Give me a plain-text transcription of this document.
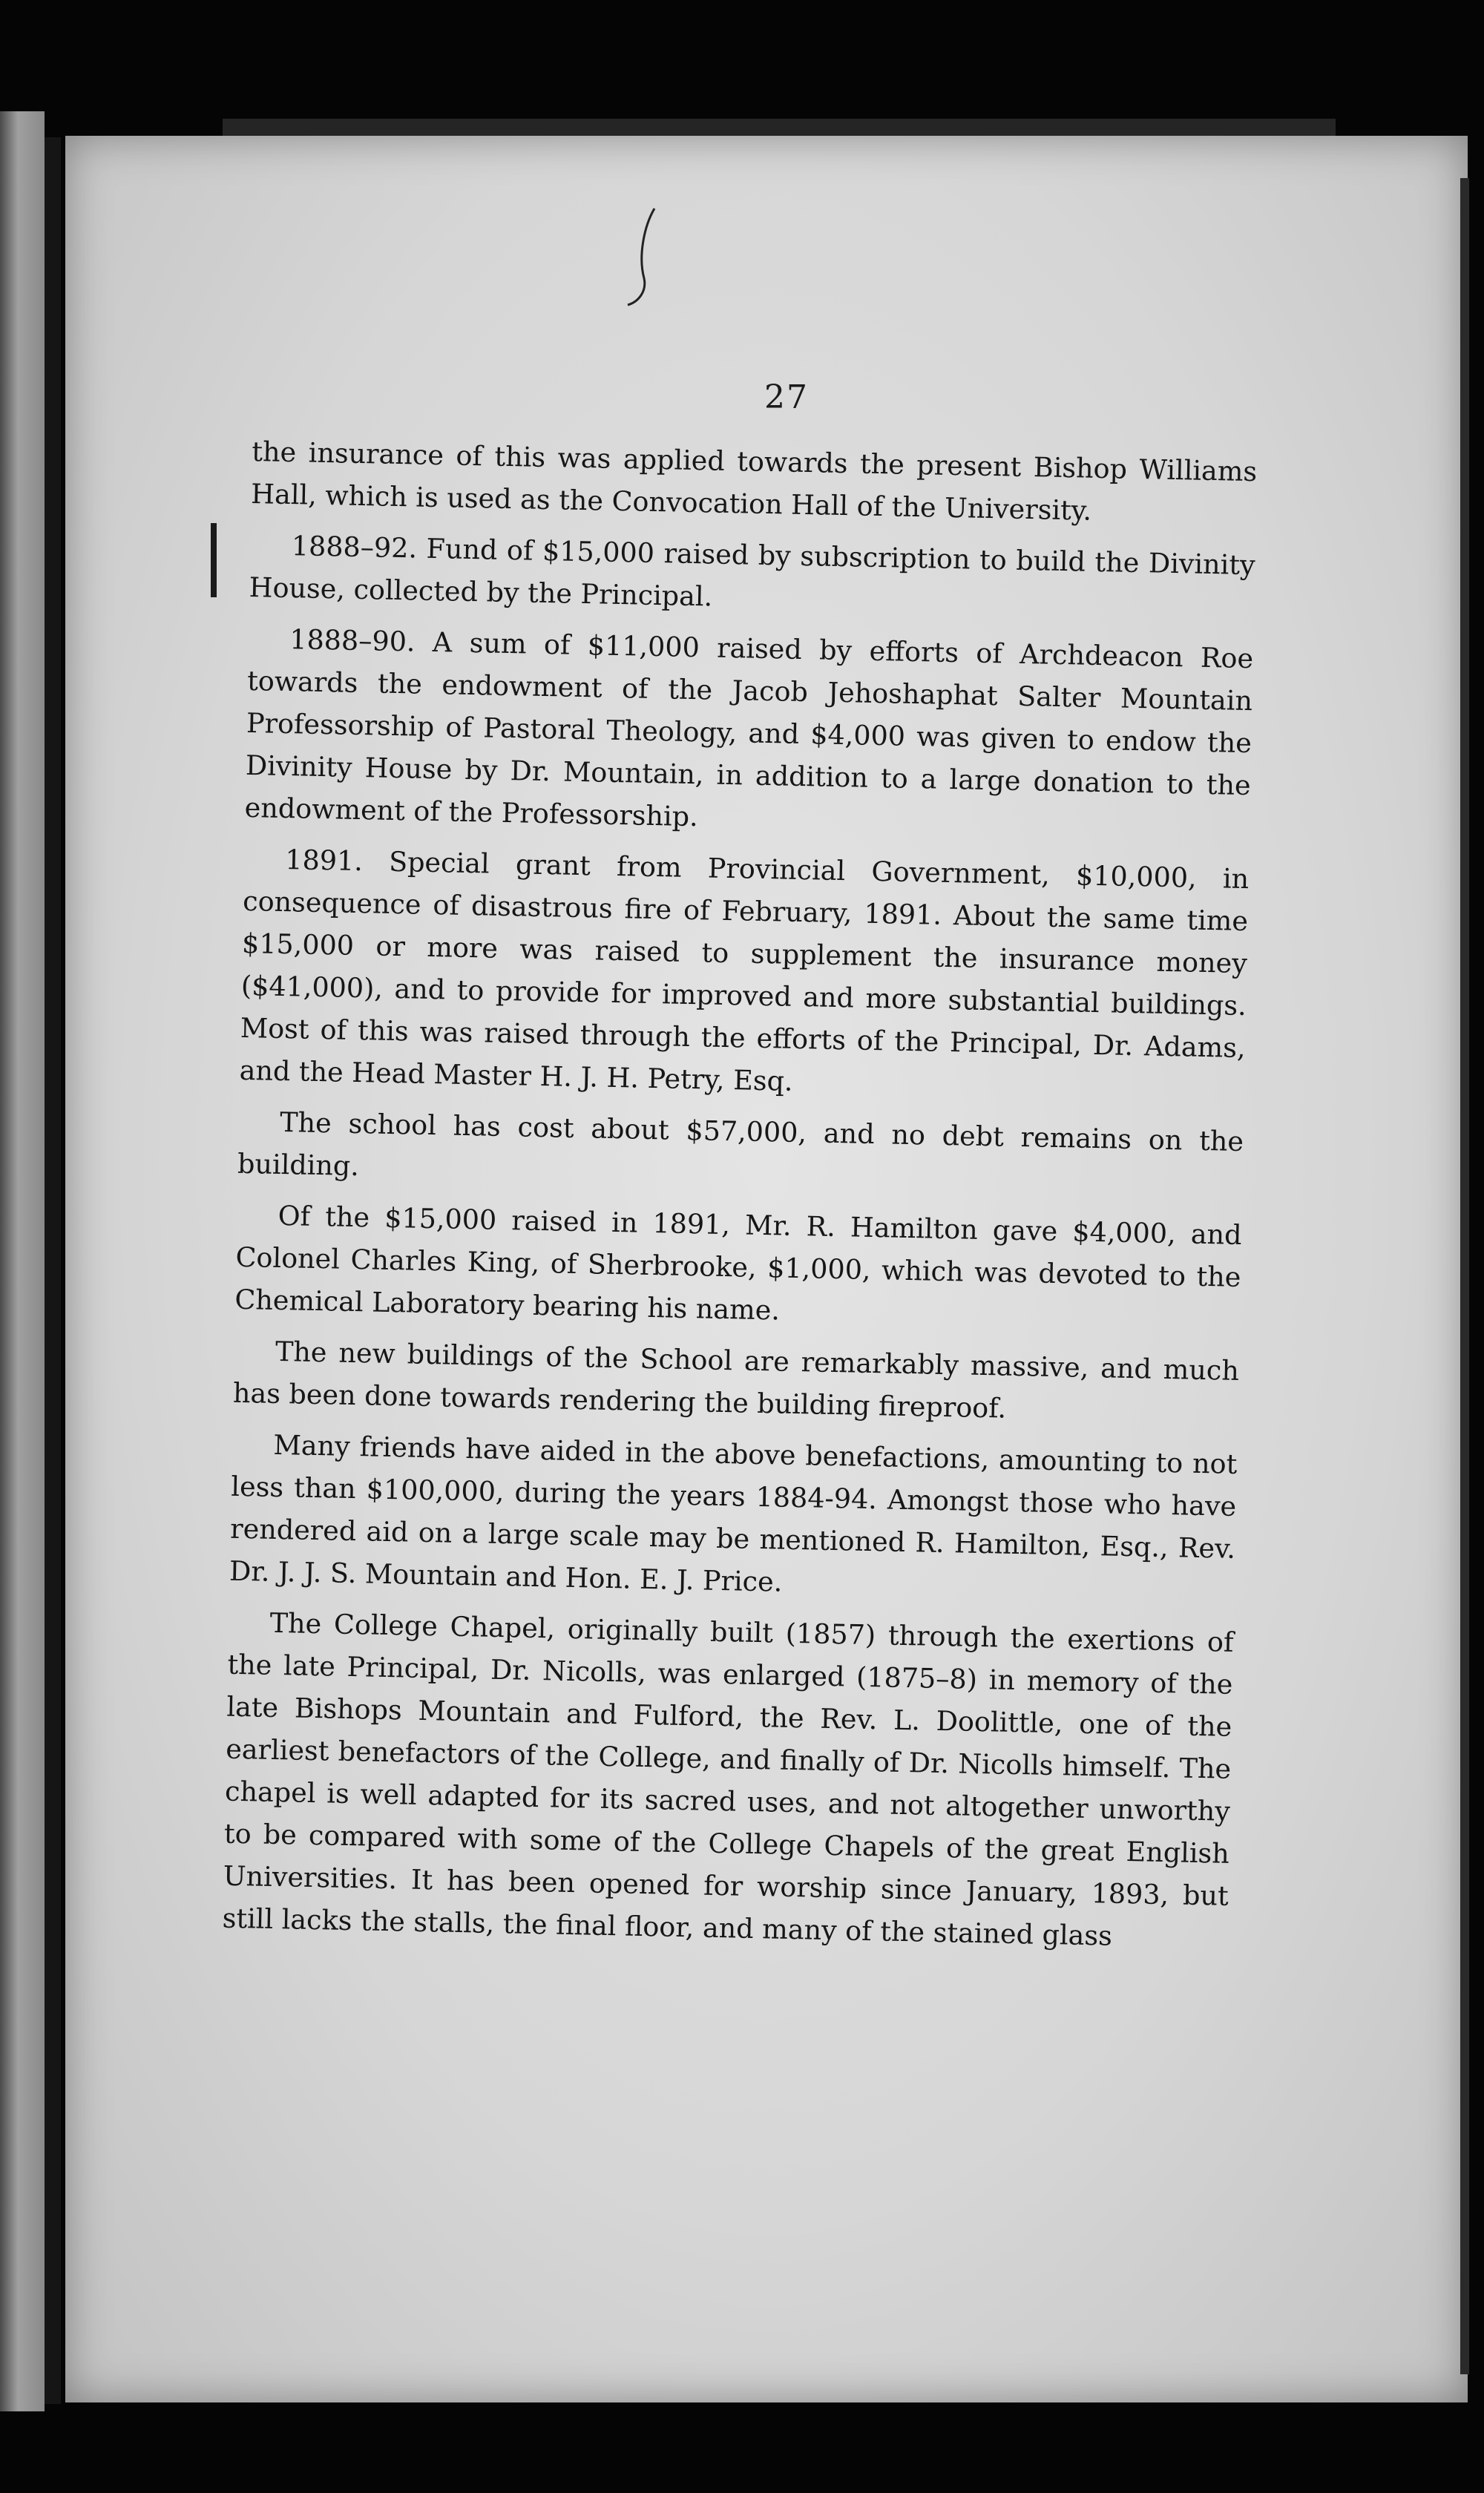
27

the insurance of this was applied towards the present Bishop Williams Hall, which is used as the Convocation Hall of the University.

1888–92. Fund of $15,000 raised by subscription to build the Divinity House, collected by the Principal.

1888–90. A sum of $11,000 raised by efforts of Archdeacon Roe towards the endowment of the Jacob Jehoshaphat Salter Mountain Professorship of Pastoral Theology, and $4,000 was given to endow the Divinity House by Dr. Mountain, in addition to a large donation to the endowment of the Professorship.

1891. Special grant from Provincial Government, $10,000, in consequence of disastrous fire of February, 1891. About the same time $15,000 or more was raised to supplement the insurance money ($41,000), and to provide for improved and more substantial buildings. Most of this was raised through the efforts of the Principal, Dr. Adams, and the Head Master H. J. H. Petry, Esq.

The school has cost about $57,000, and no debt remains on the building.

Of the $15,000 raised in 1891, Mr. R. Hamilton gave $4,000, and Colonel Charles King, of Sherbrooke, $1,000, which was devoted to the Chemical Laboratory bearing his name.

The new buildings of the School are remarkably massive, and much has been done towards rendering the building fireproof.

Many friends have aided in the above benefactions, amounting to not less than $100,000, during the years 1884-94. Amongst those who have rendered aid on a large scale may be mentioned R. Hamilton, Esq., Rev. Dr. J. J. S. Mountain and Hon. E. J. Price.

The College Chapel, originally built (1857) through the exertions of the late Principal, Dr. Nicolls, was enlarged (1875–8) in memory of the late Bishops Mountain and Fulford, the Rev. L. Doolittle, one of the earliest benefactors of the College, and finally of Dr. Nicolls himself. The chapel is well adapted for its sacred uses, and not altogether unworthy to be compared with some of the College Chapels of the great English Universities. It has been opened for worship since January, 1893, but still lacks the stalls, the final floor, and many of the stained glass
